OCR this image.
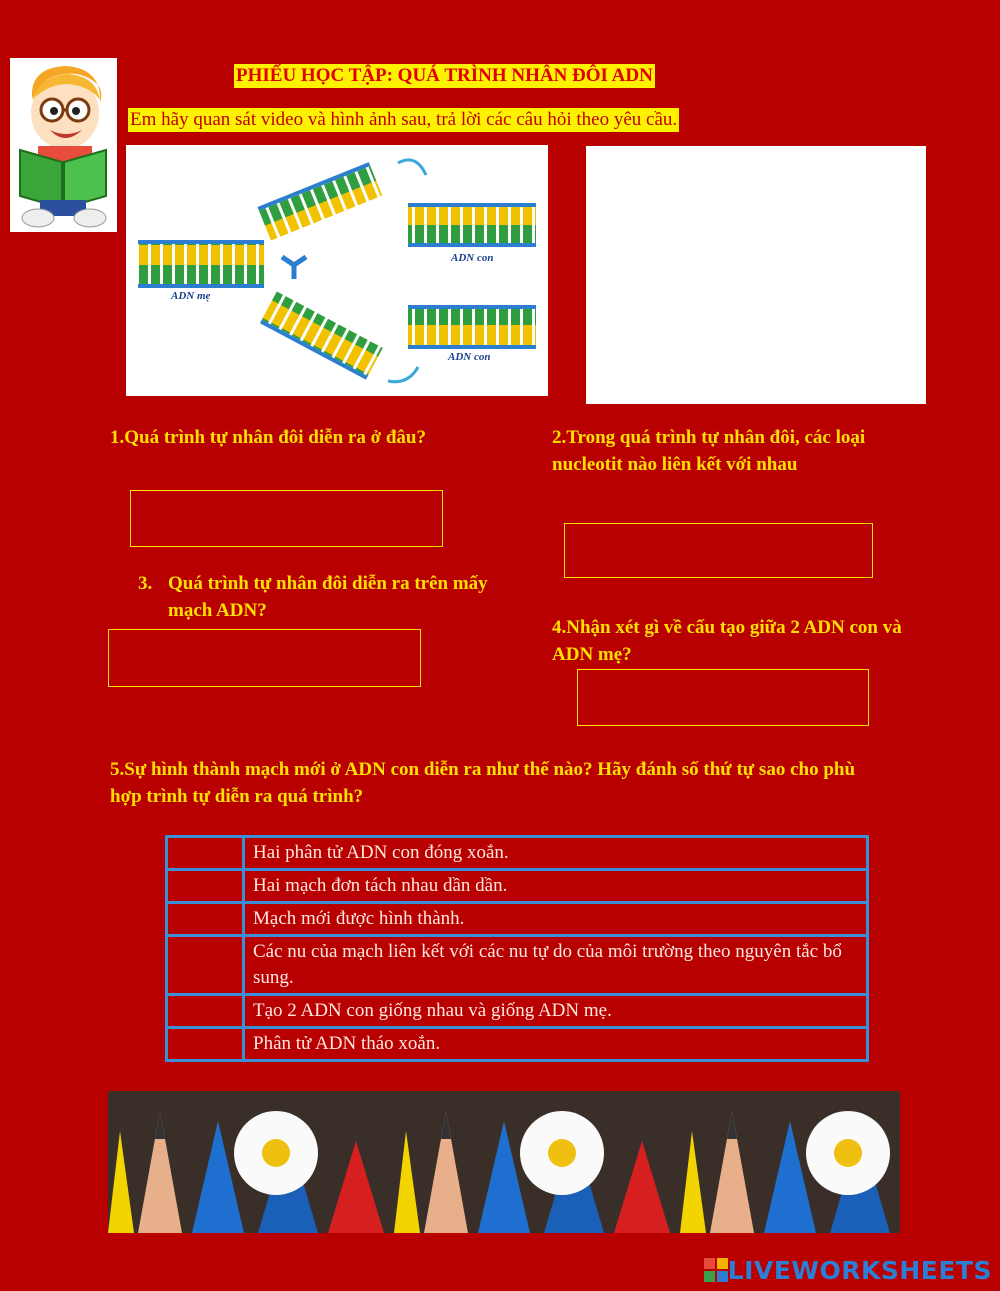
PHIẾU HỌC TẬP: QUÁ TRÌNH NHÂN ĐÔI ADN
Em hãy quan sát video và hình ảnh sau, trả lời các câu hỏi theo yêu cầu.
ADN mẹ
ADN con
ADN con
1.Quá trình tự nhân đôi diễn ra ở đâu?	2.Trong quá trình tự nhân đôi, các loại nucleotit nào liên kết với nhau
3. Quá trình tự nhân đôi diễn ra trên mấy mạch ADN?
4.Nhận xét gì về cấu tạo giữa 2 ADN con và ADN mẹ?
5.Sự hình thành mạch mới ở ADN con diễn ra như thế nào? Hãy đánh số thứ tự sao cho phù hợp trình tự diễn ra quá trình?
	Hai phân tử ADN con đóng xoắn.
	Hai mạch đơn tách nhau dần dần.
	Mạch mới được hình thành.
	Các nu của mạch liên kết với các nu tự do của môi trường theo nguyên tắc bổ sung.
	Tạo 2 ADN con giống nhau và giống ADN mẹ.
	Phân tử ADN tháo xoắn.
LIVEWORKSHEETS
